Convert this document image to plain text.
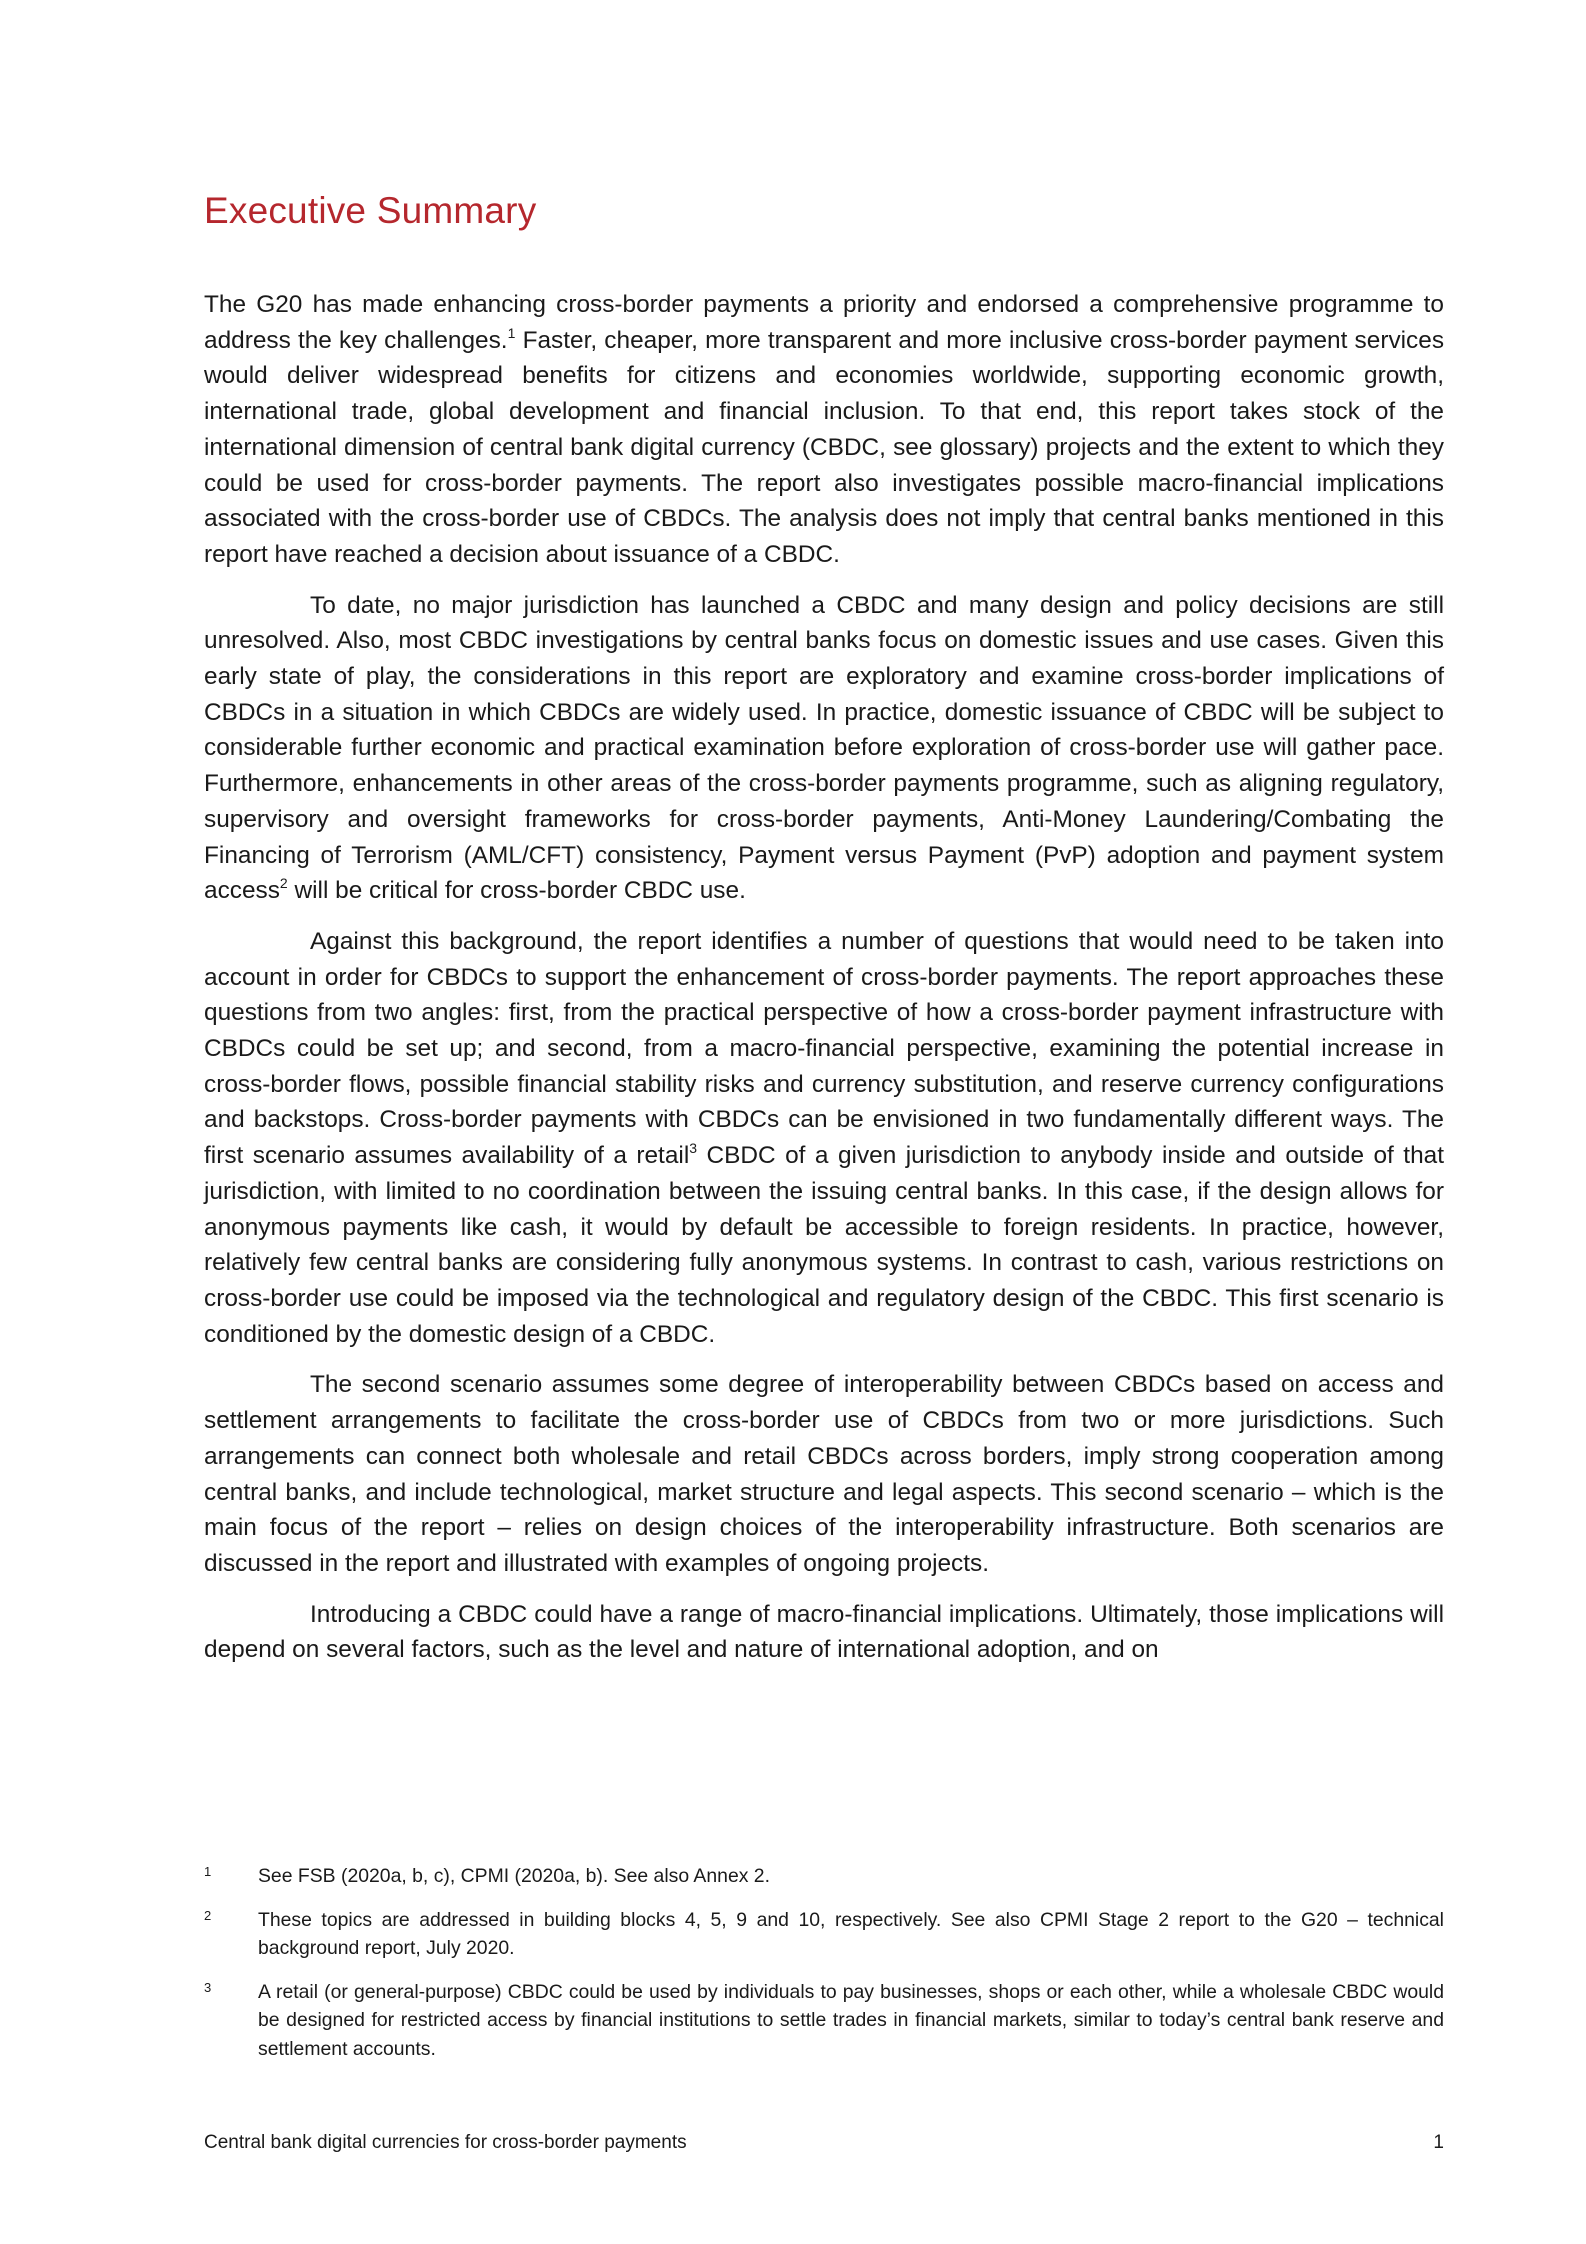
Executive Summary

The G20 has made enhancing cross-border payments a priority and endorsed a comprehensive programme to address the key challenges.$^1$ Faster, cheaper, more transparent and more inclusive cross-border payment services would deliver widespread benefits for citizens and economies worldwide, supporting economic growth, international trade, global development and financial inclusion. To that end, this report takes stock of the international dimension of central bank digital currency (CBDC, see glossary) projects and the extent to which they could be used for cross-border payments. The report also investigates possible macro-financial implications associated with the cross-border use of CBDCs. The analysis does not imply that central banks mentioned in this report have reached a decision about issuance of a CBDC.

To date, no major jurisdiction has launched a CBDC and many design and policy decisions are still unresolved. Also, most CBDC investigations by central banks focus on domestic issues and use cases. Given this early state of play, the considerations in this report are exploratory and examine cross-border implications of CBDCs in a situation in which CBDCs are widely used. In practice, domestic issuance of CBDC will be subject to considerable further economic and practical examination before exploration of cross-border use will gather pace. Furthermore, enhancements in other areas of the cross-border payments programme, such as aligning regulatory, supervisory and oversight frameworks for cross-border payments, Anti-Money Laundering/Combating the Financing of Terrorism (AML/CFT) consistency, Payment versus Payment (PvP) adoption and payment system access$^2$ will be critical for cross-border CBDC use.

Against this background, the report identifies a number of questions that would need to be taken into account in order for CBDCs to support the enhancement of cross-border payments. The report approaches these questions from two angles: first, from the practical perspective of how a cross-border payment infrastructure with CBDCs could be set up; and second, from a macro-financial perspective, examining the potential increase in cross-border flows, possible financial stability risks and currency substitution, and reserve currency configurations and backstops. Cross-border payments with CBDCs can be envisioned in two fundamentally different ways. The first scenario assumes availability of a retail$^3$ CBDC of a given jurisdiction to anybody inside and outside of that jurisdiction, with limited to no coordination between the issuing central banks. In this case, if the design allows for anonymous payments like cash, it would by default be accessible to foreign residents. In practice, however, relatively few central banks are considering fully anonymous systems. In contrast to cash, various restrictions on cross-border use could be imposed via the technological and regulatory design of the CBDC. This first scenario is conditioned by the domestic design of a CBDC.

The second scenario assumes some degree of interoperability between CBDCs based on access and settlement arrangements to facilitate the cross-border use of CBDCs from two or more jurisdictions. Such arrangements can connect both wholesale and retail CBDCs across borders, imply strong cooperation among central banks, and include technological, market structure and legal aspects. This second scenario – which is the main focus of the report – relies on design choices of the interoperability infrastructure. Both scenarios are discussed in the report and illustrated with examples of ongoing projects.

Introducing a CBDC could have a range of macro-financial implications. Ultimately, those implications will depend on several factors, such as the level and nature of international adoption, and on

1 See FSB (2020a, b, c), CPMI (2020a, b). See also Annex 2.
2 These topics are addressed in building blocks 4, 5, 9 and 10, respectively. See also CPMI Stage 2 report to the G20 – technical background report, July 2020.
3 A retail (or general-purpose) CBDC could be used by individuals to pay businesses, shops or each other, while a wholesale CBDC would be designed for restricted access by financial institutions to settle trades in financial markets, similar to today’s central bank reserve and settlement accounts.
Central bank digital currencies for cross-border payments	1
